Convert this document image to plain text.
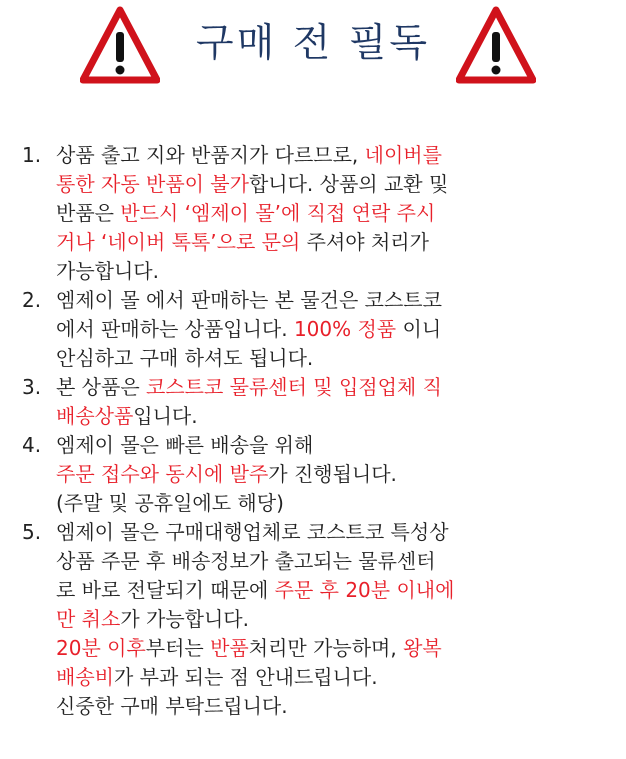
구매 전 필독
1. 상품 출고 지와 반품지가 다르므로, 네이버를
통한 자동 반품이 불가합니다. 상품의 교환 및
반품은 반드시 ‘엠제이 몰’에 직접 연락 주시
거나 ‘네이버 톡톡’으로 문의 주셔야 처리가
가능합니다.
2. 엠제이 몰 에서 판매하는 본 물건은 코스트코
에서 판매하는 상품입니다. 100% 정품 이니
안심하고 구매 하셔도 됩니다.
3. 본 상품은 코스트코 물류센터 및 입점업체 직
배송상품입니다.
4. 엠제이 몰은 빠른 배송을 위해
주문 접수와 동시에 발주가 진행됩니다.
(주말 및 공휴일에도 해당)
5. 엠제이 몰은 구매대행업체로 코스트코 특성상
상품 주문 후 배송정보가 출고되는 물류센터
로 바로 전달되기 때문에 주문 후 20분 이내에
만 취소가 가능합니다.
20분 이후부터는 반품처리만 가능하며, 왕복
배송비가 부과 되는 점 안내드립니다.
신중한 구매 부탁드립니다.
